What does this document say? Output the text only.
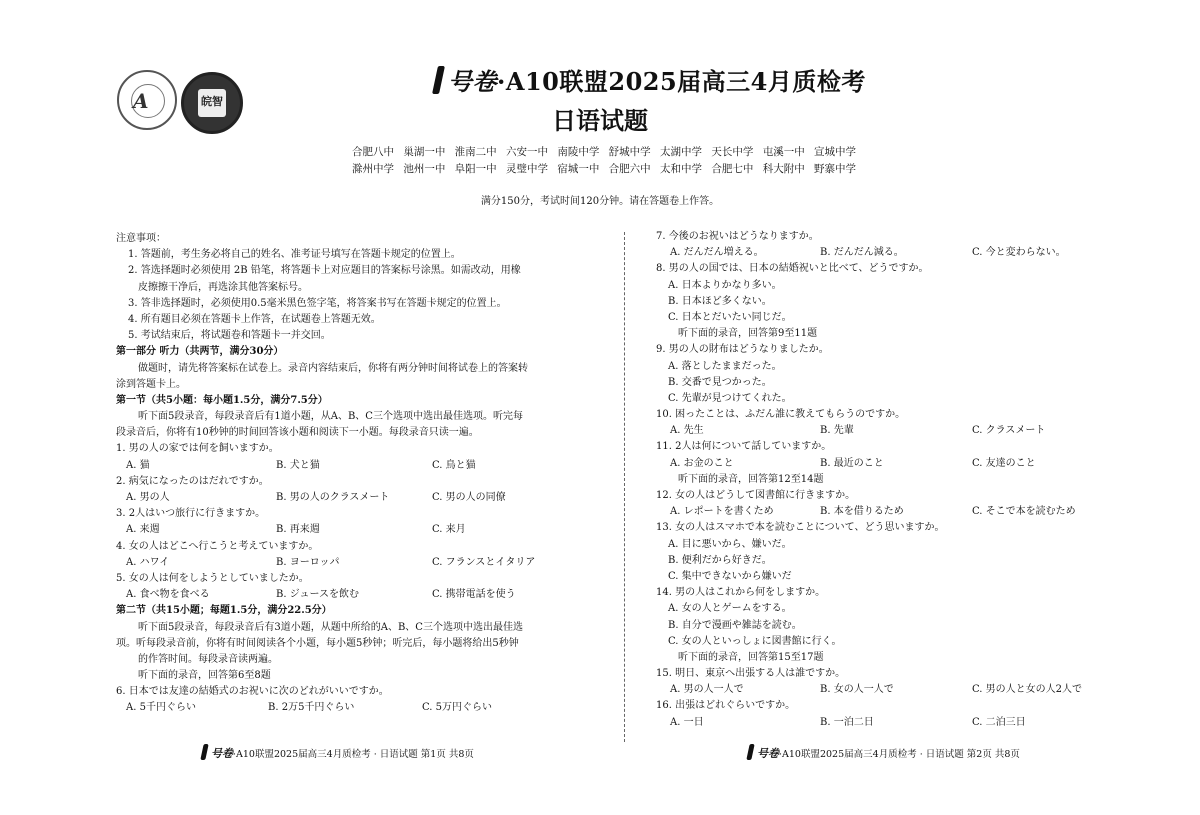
A	皖智
号卷·A10联盟2025届高三4月质检考
日语试题
合肥八中 巢湖一中 淮南二中 六安一中 南陵中学 舒城中学 太湖中学 天长中学 屯溪一中 宣城中学
滁州中学 池州一中 阜阳一中 灵璧中学 宿城一中 合肥六中 太和中学 合肥七中 科大附中 野寨中学
满分150分，考试时间120分钟。请在答题卷上作答。
注意事项：
1. 答题前，考生务必将自己的姓名、准考证号填写在答题卡规定的位置上。
2. 答选择题时必须使用 2B 铅笔，将答题卡上对应题目的答案标号涂黑。如需改动，用橡
皮擦擦干净后，再选涂其他答案标号。
3. 答非选择题时，必须使用0.5毫米黑色签字笔，将答案书写在答题卡规定的位置上。
4. 所有题目必须在答题卡上作答，在试题卷上答题无效。
5. 考试结束后，将试题卷和答题卡一并交回。
第一部分 听力（共两节，满分30分）
做题时，请先将答案标在试卷上。录音内容结束后，你将有两分钟时间将试卷上的答案转
涂到答题卡上。
第一节（共5小题：每小题1.5分，满分7.5分）
听下面5段录音，每段录音后有1道小题，从A、B、C三个选项中选出最佳选项。听完每
段录音后，你将有10秒钟的时间回答该小题和阅读下一小题。每段录音只读一遍。
1. 男の人の家では何を飼いますか。
A. 猫	B. 犬と猫	C. 鳥と猫
2. 病気になったのはだれですか。
A. 男の人	B. 男の人のクラスメート	C. 男の人の同僚
3. 2人はいつ旅行に行きますか。
A. 来週	B. 再来週	C. 来月
4. 女の人はどこへ行こうと考えていますか。
A. ハワイ	B. ヨーロッパ	C. フランスとイタリア
5. 女の人は何をしようとしていましたか。
A. 食べ物を食べる	B. ジュースを飲む	C. 携帯電話を使う
第二节（共15小题；每题1.5分，满分22.5分）
听下面5段录音，每段录音后有3道小题，从题中所给的A、B、C三个选项中选出最佳选
项。听每段录音前，你将有时间阅读各个小题，每小题5秒钟；听完后，每小题将给出5秒钟
的作答时间。每段录音读两遍。
听下面的录音，回答第6至8题
6. 日本では友達の結婚式のお祝いに次のどれがいいですか。
A. 5千円ぐらい	B. 2万5千円ぐらい	C. 5万円ぐらい
7. 今後のお祝いはどうなりますか。
A. だんだん増える。	B. だんだん減る。	C. 今と変わらない。
8. 男の人の国では、日本の結婚祝いと比べて、どうですか。
A. 日本よりかなり多い。
B. 日本ほど多くない。
C. 日本とだいたい同じだ。
听下面的录音，回答第9至11题
9. 男の人の財布はどうなりましたか。
A. 落としたままだった。
B. 交番で見つかった。
C. 先輩が見つけてくれた。
10. 困ったことは、ふだん誰に教えてもらうのですか。
A. 先生	B. 先輩	C. クラスメート
11. 2人は何について話していますか。
A. お金のこと	B. 最近のこと	C. 友達のこと
听下面的录音，回答第12至14题
12. 女の人はどうして図書館に行きますか。
A. レポートを書くため	B. 本を借りるため	C. そこで本を読むため
13. 女の人はスマホで本を読むことについて、どう思いますか。
A. 目に悪いから、嫌いだ。
B. 便利だから好きだ。
C. 集中できないから嫌いだ
14. 男の人はこれから何をしますか。
A. 女の人とゲームをする。
B. 自分で漫画や雑誌を読む。
C. 女の人といっしょに図書館に行く。
听下面的录音，回答第15至17题
15. 明日、東京へ出張する人は誰ですか。
A. 男の人一人で	B. 女の人一人で	C. 男の人と女の人2人で
16. 出張はどれぐらいですか。
A. 一日	B. 一泊二日	C. 二泊三日
号卷·A10联盟2025届高三4月质检考 · 日语试题 第1页 共8页	号卷·A10联盟2025届高三4月质检考 · 日语试题 第2页 共8页
